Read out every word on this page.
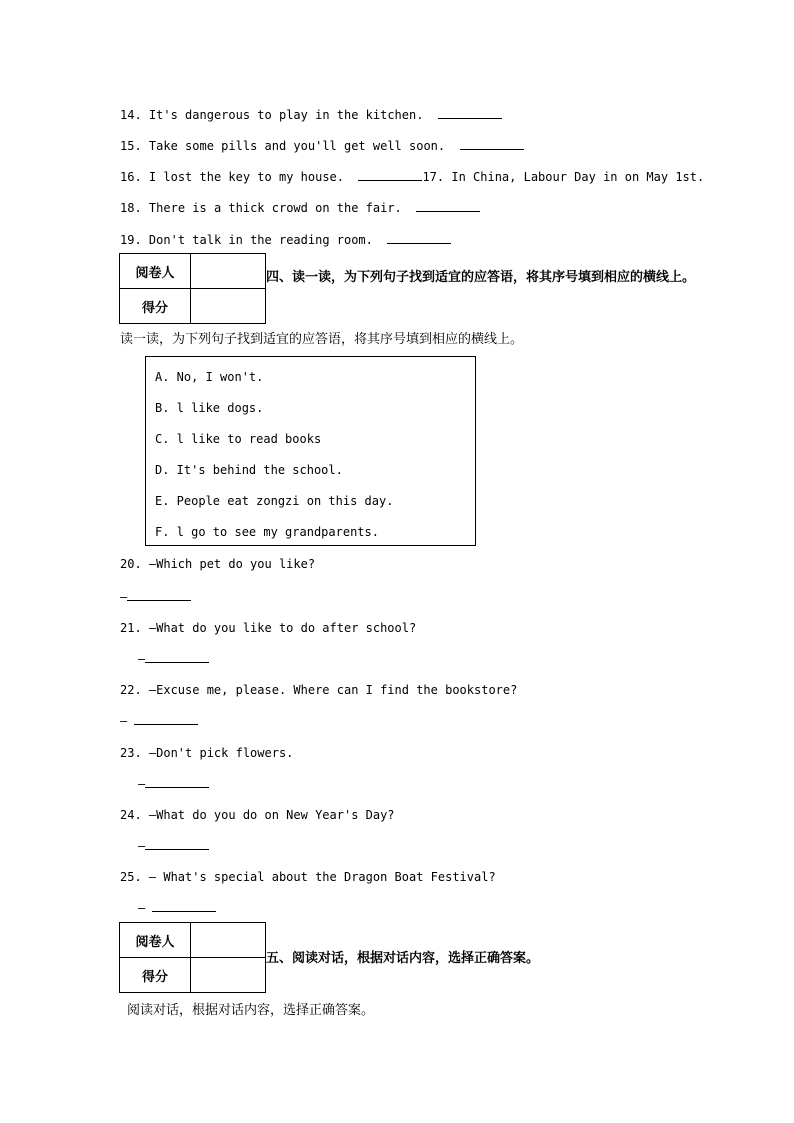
14. It's dangerous to play in the kitchen.
15. Take some pills and you'll get well soon.
16. I lost the key to my house.	17. In China, Labour Day in on May 1st.
18. There is a thick crowd on the fair.
19. Don't talk in the reading room.
阅卷人	
得分	
四、读一读，为下列句子找到适宜的应答语，将其序号填到相应的横线上。
读一读，为下列句子找到适宜的应答语，将其序号填到相应的横线上。
A. No, I won't.
B. l like dogs.
C. l like to read books
D. It's behind the school.
E. People eat zongzi on this day.
F. l go to see my grandparents.
20. —Which pet do you like?
—
21. —What do you like to do after school?
—
22. —Excuse me, please. Where can I find the bookstore?
—
23. —Don't pick flowers.
—
24. —What do you do on New Year's Day?
—
25. — What's special about the Dragon Boat Festival?
—
阅卷人	
得分	
五、阅读对话，根据对话内容，选择正确答案。
阅读对话，根据对话内容，选择正确答案。
